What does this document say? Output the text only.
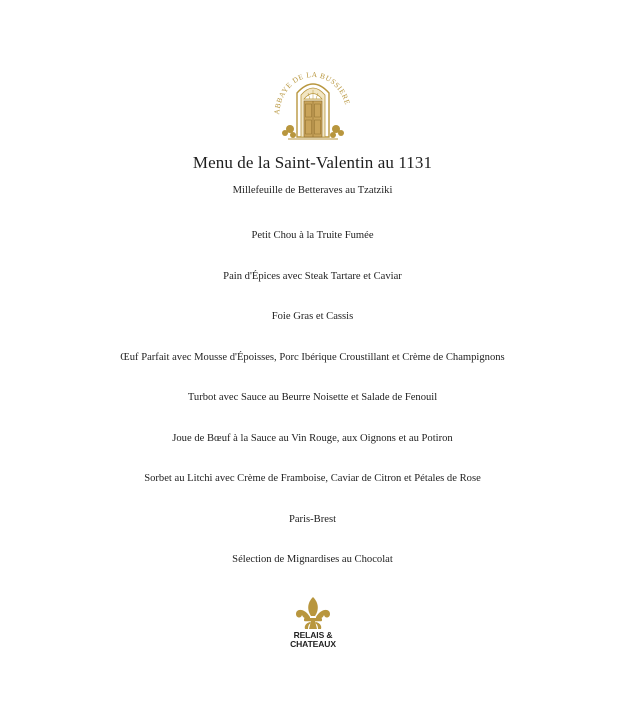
ABBAYE DE LA BUSSIERE
Menu de la Saint-Valentin au 1131
Millefeuille de Betteraves au Tzatziki
Petit Chou à la Truite Fumée
Pain d'Épices avec Steak Tartare et Caviar
Foie Gras et Cassis
Œuf Parfait avec Mousse d'Époisses, Porc Ibérique Croustillant et Crème de Champignons
Turbot avec Sauce au Beurre Noisette et Salade de Fenouil
Joue de Bœuf à la Sauce au Vin Rouge, aux Oignons et au Potiron
Sorbet au Litchi avec Crème de Framboise, Caviar de Citron et Pétales de Rose
Paris-Brest
Sélection de Mignardises au Chocolat
RELAIS &
CHATEAUX
